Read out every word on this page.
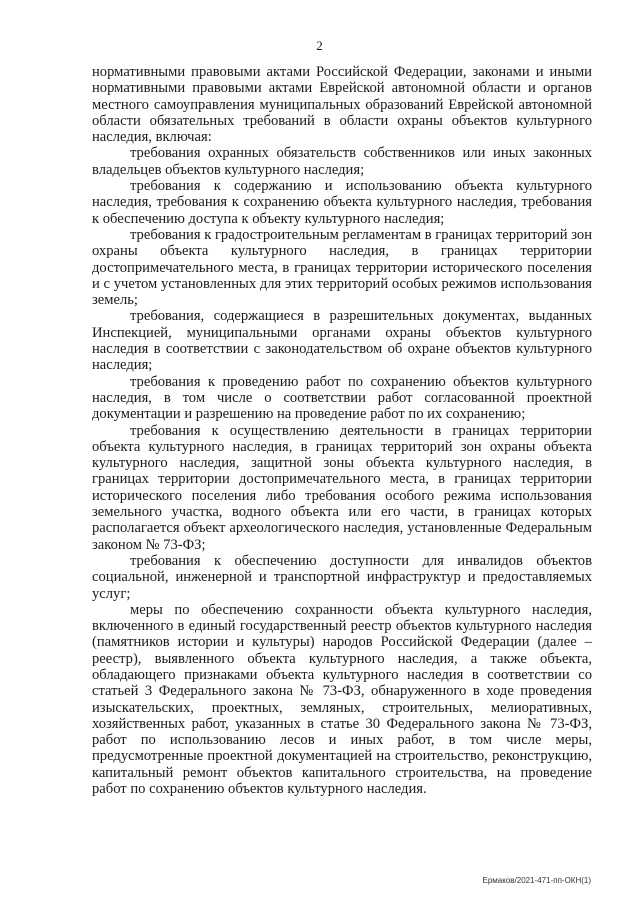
2

нормативными правовыми актами Российской Федерации, законами и иными нормативными правовыми актами Еврейской автономной области и органов местного самоуправления муниципальных образований Еврейской автономной области обязательных требований в области охраны объектов культурного наследия, включая:

требования охранных обязательств собственников или иных законных владельцев объектов культурного наследия;

требования к содержанию и использованию объекта культурного наследия, требования к сохранению объекта культурного наследия, требования к обеспечению доступа к объекту культурного наследия;

требования к градостроительным регламентам в границах территорий зон охраны объекта культурного наследия, в границах территории достопримечательного места, в границах территории исторического поселения и с учетом установленных для этих территорий особых режимов использования земель;

требования, содержащиеся в разрешительных документах, выданных Инспекцией, муниципальными органами охраны объектов культурного наследия в соответствии с законодательством об охране объектов культурного наследия;

требования к проведению работ по сохранению объектов культурного наследия, в том числе о соответствии работ согласованной проектной документации и разрешению на проведение работ по их сохранению;

требования к осуществлению деятельности в границах территории объекта культурного наследия, в границах территорий зон охраны объекта культурного наследия, защитной зоны объекта культурного наследия, в границах территории достопримечательного места, в границах территории исторического поселения либо требования особого режима использования земельного участка, водного объекта или его части, в границах которых располагается объект археологического наследия, установленные Федеральным законом № 73-ФЗ;

требования к обеспечению доступности для инвалидов объектов социальной, инженерной и транспортной инфраструктур и предоставляемых услуг;

меры по обеспечению сохранности объекта культурного наследия, включенного в единый государственный реестр объектов культурного наследия (памятников истории и культуры) народов Российской Федерации (далее – реестр), выявленного объекта культурного наследия, а также объекта, обладающего признаками объекта культурного наследия в соответствии со статьей 3 Федерального закона № 73-ФЗ, обнаруженного в ходе проведения изыскательских, проектных, земляных, строительных, мелиоративных, хозяйственных работ, указанных в статье 30 Федерального закона № 73-ФЗ, работ по использованию лесов и иных работ, в том числе меры, предусмотренные проектной документацией на строительство, реконструкцию, капитальный ремонт объектов капитального строительства, на проведение работ по сохранению объектов культурного наследия.

Ермаков/2021-471-пп-ОКН(1)
